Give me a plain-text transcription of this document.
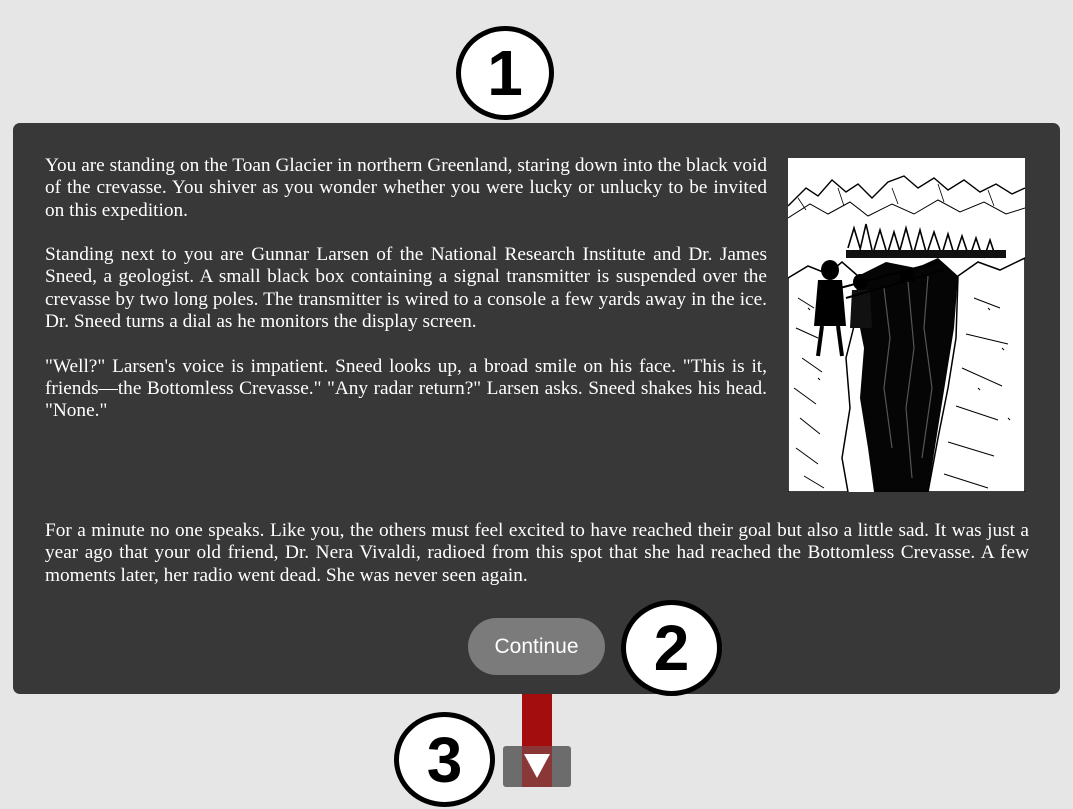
1
2
3

You are standing on the Toan Glacier in northern Greenland, staring down into the black void of the crevasse. You shiver as you wonder whether you were lucky or unlucky to be invited on this expedition.

Standing next to you are Gunnar Larsen of the National Research Institute and Dr. James Sneed, a geologist. A small black box containing a signal transmitter is suspended over the crevasse by two long poles. The transmitter is wired to a console a few yards away in the ice. Dr. Sneed turns a dial as he monitors the display screen.

"Well?" Larsen's voice is impatient. Sneed looks up, a broad smile on his face. "This is it, friends—the Bottomless Crevasse." "Any radar return?" Larsen asks. Sneed shakes his head. "None."

For a minute no one speaks. Like you, the others must feel excited to have reached their goal but also a little sad. It was just a year ago that your old friend, Dr. Nera Vivaldi, radioed from this spot that she had reached the Bottomless Crevasse. A few moments later, her radio went dead. She was never seen again.

Continue
